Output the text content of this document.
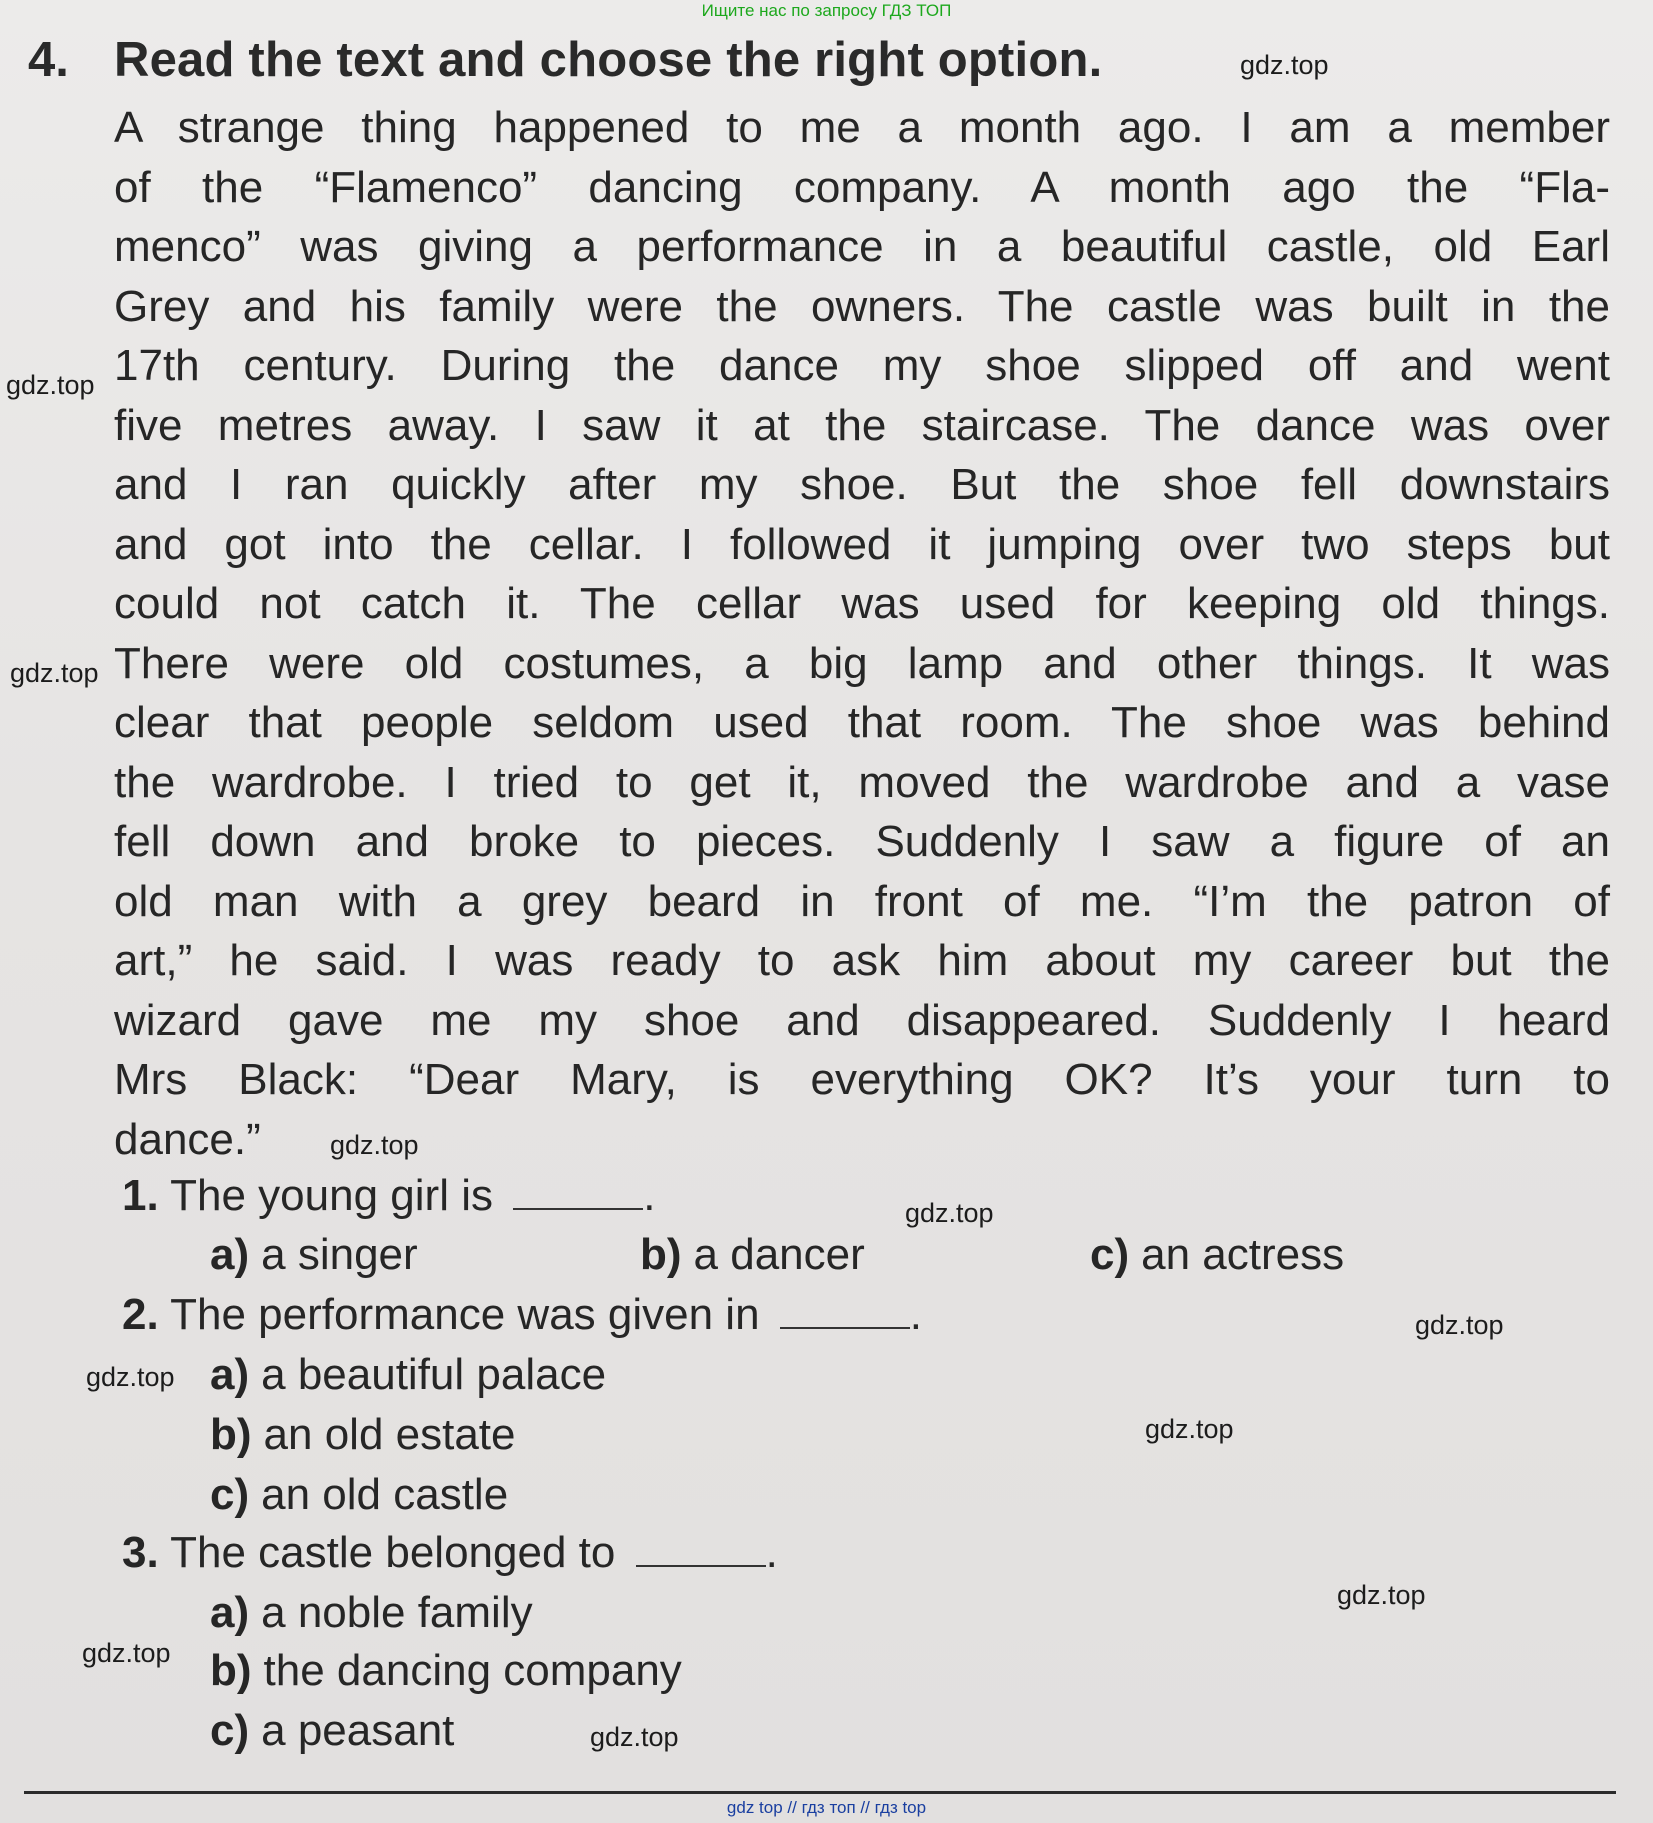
Ищите нас по запросу ГДЗ ТОП
4. Read the text and choose the right option.
A strange thing happened to me a month ago. I am a member
of the “Flamenco” dancing company. A month ago the “Fla-
menco” was giving a performance in a beautiful castle, old Earl
Grey and his family were the owners. The castle was built in the
17th century. During the dance my shoe slipped off and went
five metres away. I saw it at the staircase. The dance was over
and I ran quickly after my shoe. But the shoe fell downstairs
and got into the cellar. I followed it jumping over two steps but
could not catch it. The cellar was used for keeping old things.
There were old costumes, a big lamp and other things. It was
clear that people seldom used that room. The shoe was behind
the wardrobe. I tried to get it, moved the wardrobe and a vase
fell down and broke to pieces. Suddenly I saw a figure of an
old man with a grey beard in front of me. “I’m the patron of
art,” he said. I was ready to ask him about my career but the
wizard gave me my shoe and disappeared. Suddenly I heard
Mrs Black: “Dear Mary, is everything OK? It’s your turn to
dance.”
1. The young girl is	.
a) a singer	b) a dancer	c) an actress
2. The performance was given in	.
a) a beautiful palace
b) an old estate
c) an old castle
3. The castle belonged to	.
a) a noble family
b) the dancing company
c) a peasant
gdz.top
gdz.top
gdz.top
gdz.top
gdz.top
gdz.top
gdz.top
gdz.top
gdz.top
gdz.top
gdz.top
gdz top // гдз топ // гдз top
